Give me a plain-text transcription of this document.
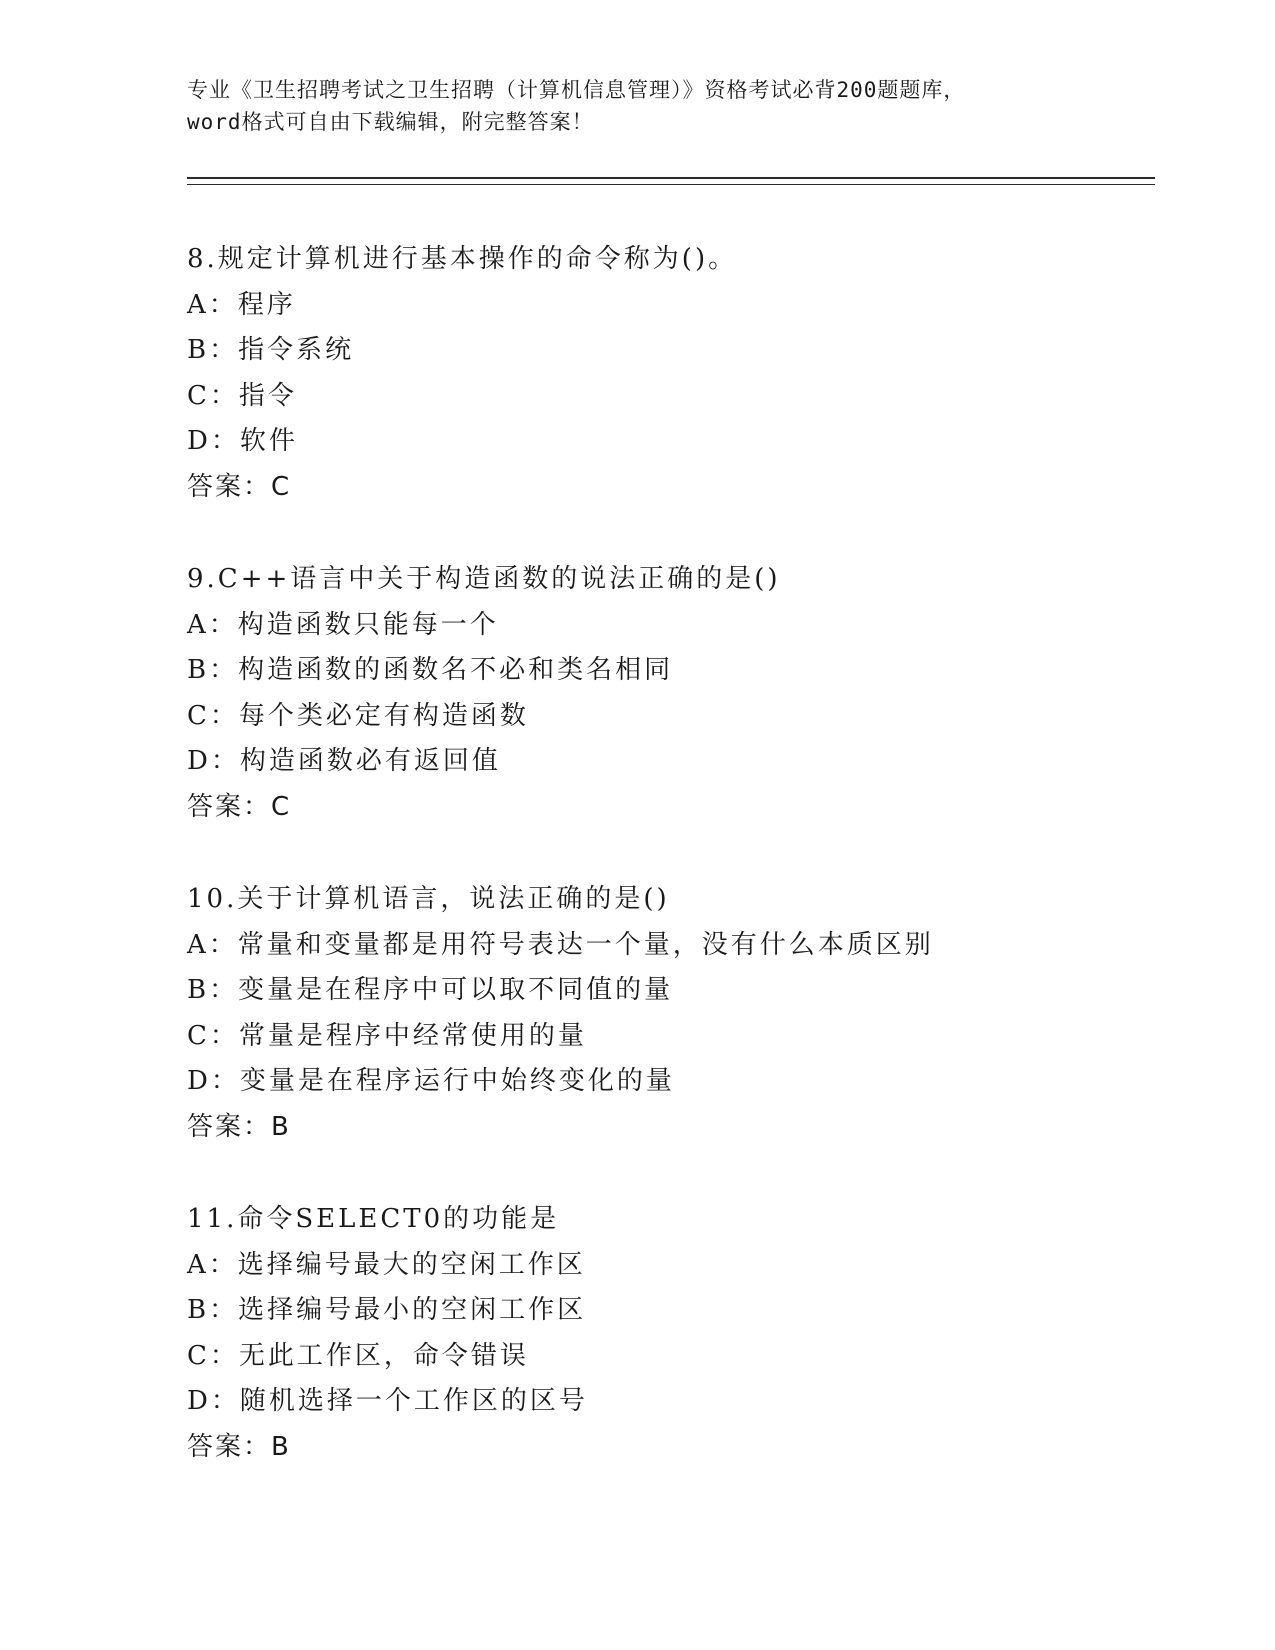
专业《卫生招聘考试之卫生招聘（计算机信息管理）》资格考试必背200题题库，
word格式可自由下载编辑，附完整答案！
8.规定计算机进行基本操作的命令称为()。
A：程序
B：指令系统
C：指令
D：软件
答案：C
9.C++语言中关于构造函数的说法正确的是()
A：构造函数只能每一个
B：构造函数的函数名不必和类名相同
C：每个类必定有构造函数
D：构造函数必有返回值
答案：C
10.关于计算机语言，说法正确的是()
A：常量和变量都是用符号表达一个量，没有什么本质区别
B：变量是在程序中可以取不同值的量
C：常量是程序中经常使用的量
D：变量是在程序运行中始终变化的量
答案：B
11.命令SELECT0的功能是
A：选择编号最大的空闲工作区
B：选择编号最小的空闲工作区
C：无此工作区，命令错误
D：随机选择一个工作区的区号
答案：B
